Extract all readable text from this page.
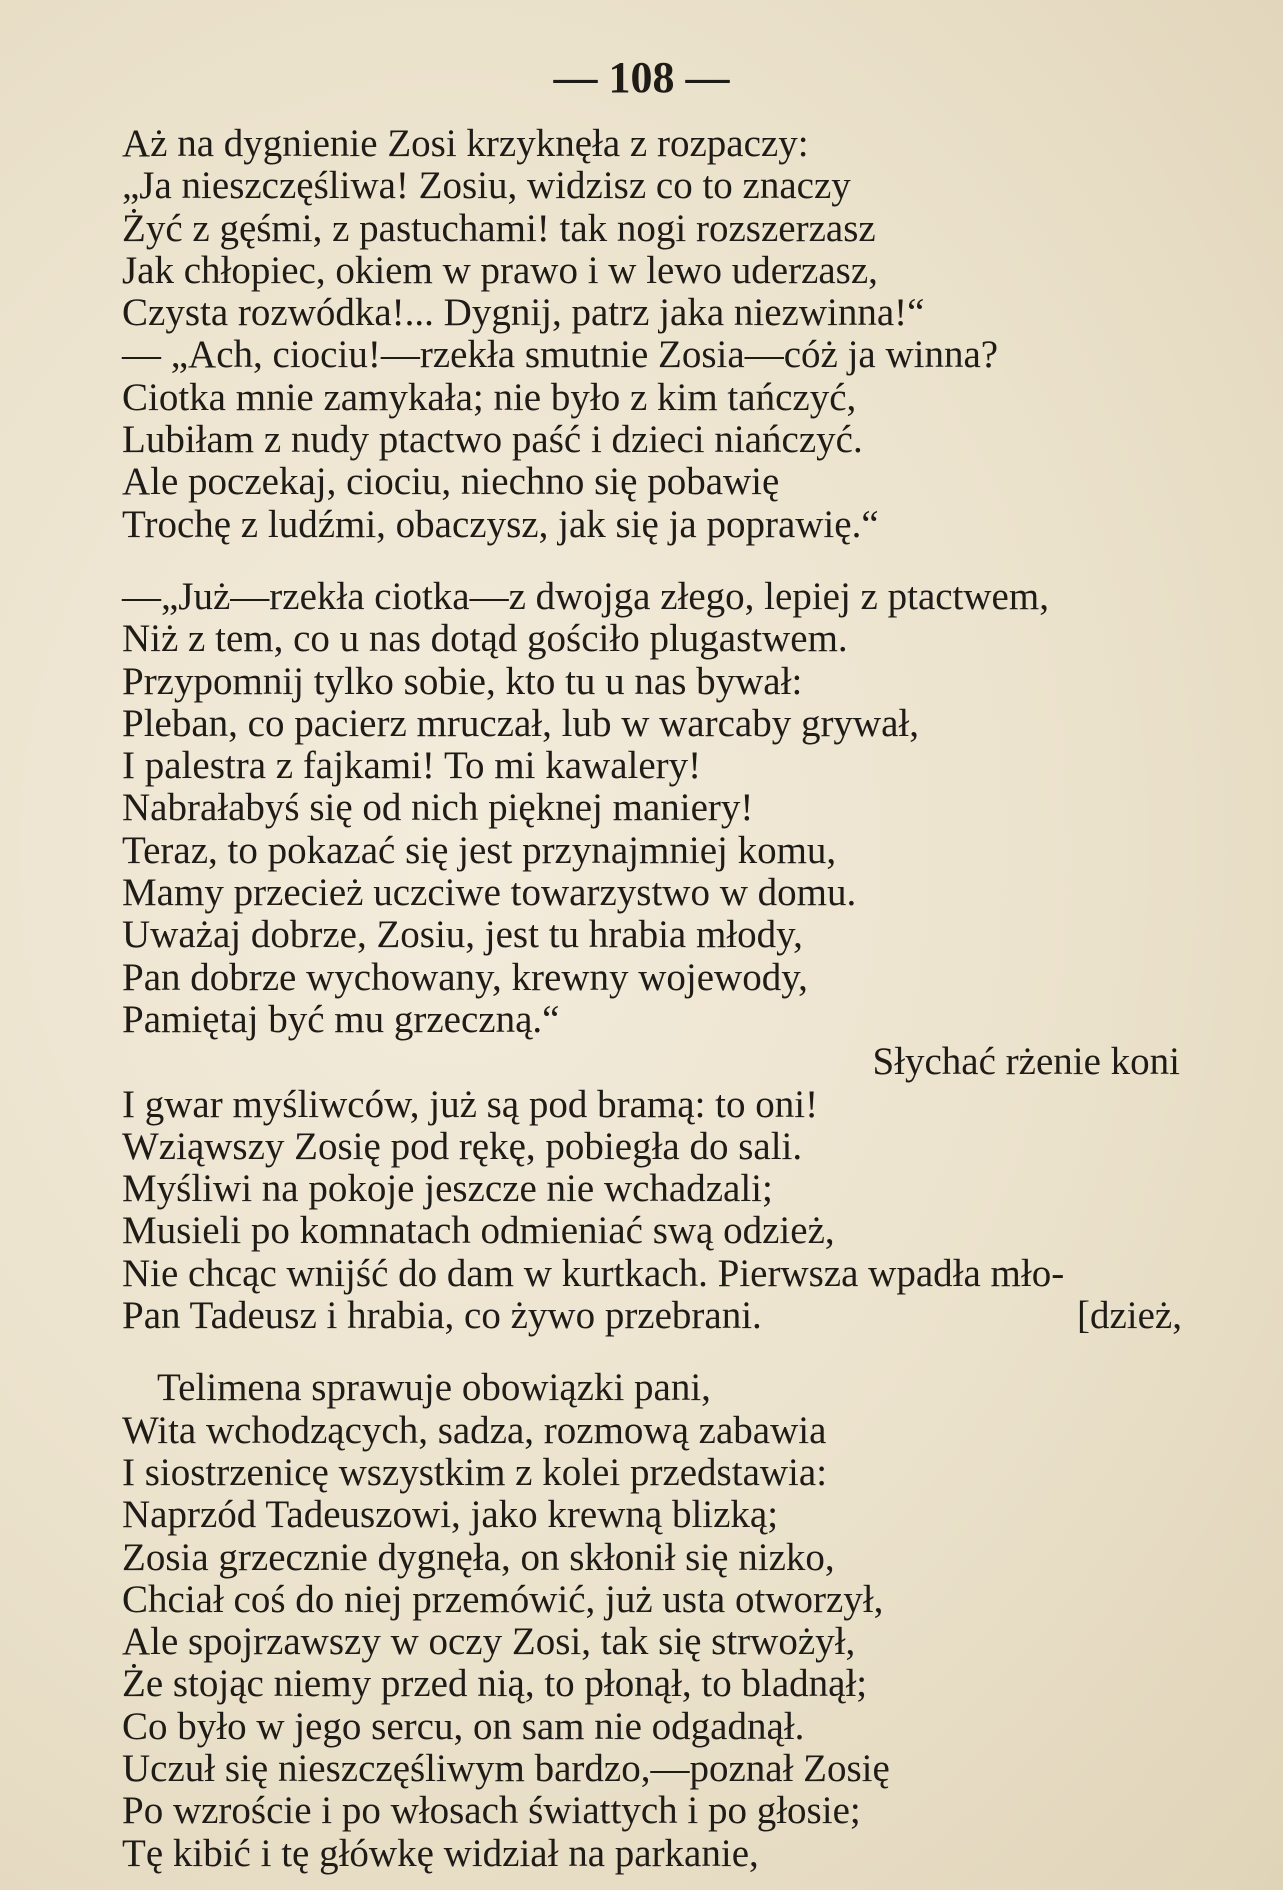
— 108 —
Aż na dygnienie Zosi krzyknęła z rozpaczy:
„Ja nieszczęśliwa! Zosiu, widzisz co to znaczy
Żyć z gęśmi, z pastuchami! tak nogi rozszerzasz
Jak chłopiec, okiem w prawo i w lewo uderzasz,
Czysta rozwódka!... Dygnij, patrz jaka niezwinna!“
— „Ach, ciociu!—rzekła smutnie Zosia—cóż ja winna?
Ciotka mnie zamykała; nie było z kim tańczyć,
Lubiłam z nudy ptactwo paść i dzieci niańczyć.
Ale poczekaj, ciociu, niechno się pobawię
Trochę z ludźmi, obaczysz, jak się ja poprawię.“
—„Już—rzekła ciotka—z dwojga złego, lepiej z ptactwem,
Niż z tem, co u nas dotąd gościło plugastwem.
Przypomnij tylko sobie, kto tu u nas bywał:
Pleban, co pacierz mruczał, lub w warcaby grywał,
I palestra z fajkami! To mi kawalery!
Nabrałabyś się od nich pięknej maniery!
Teraz, to pokazać się jest przynajmniej komu,
Mamy przecież uczciwe towarzystwo w domu.
Uważaj dobrze, Zosiu, jest tu hrabia młody,
Pan dobrze wychowany, krewny wojewody,
Pamiętaj być mu grzeczną.“
Słychać rżenie koni
I gwar myśliwców, już są pod bramą: to oni!
Wziąwszy Zosię pod rękę, pobiegła do sali.
Myśliwi na pokoje jeszcze nie wchadzali;
Musieli po komnatach odmieniać swą odzież,
Nie chcąc wnijść do dam w kurtkach. Pierwsza wpadła mło-
Pan Tadeusz i hrabia, co żywo przebrani.	[dzież,
Telimena sprawuje obowiązki pani,
Wita wchodzących, sadza, rozmową zabawia
I siostrzenicę wszystkim z kolei przedstawia:
Naprzód Tadeuszowi, jako krewną blizką;
Zosia grzecznie dygnęła, on skłonił się nizko,
Chciał coś do niej przemówić, już usta otworzył,
Ale spojrzawszy w oczy Zosi, tak się strwożył,
Że stojąc niemy przed nią, to płonął, to bladnął;
Co było w jego sercu, on sam nie odgadnął.
Uczuł się nieszczęśliwym bardzo,—poznał Zosię
Po wzroście i po włosach świattych i po głosie;
Tę kibić i tę główkę widział na parkanie,
